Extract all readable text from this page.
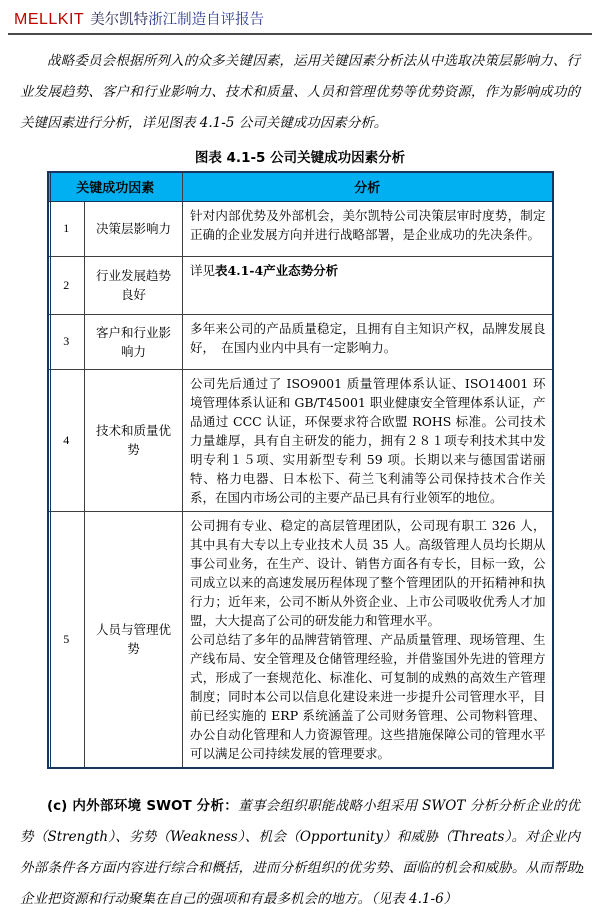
MELLKIT 美尔凯特浙江制造自评报告

战略委员会根据所列入的众多关键因素，运用关键因素分析法从中选取决策层影响力、行业发展趋势、客户和行业影响力、技术和质量、人员和管理优势等优势资源，作为影响成功的关键因素进行分析，详见图表 4.1-5 公司关键成功因素分析。

图表 4.1-5 公司关键成功因素分析
关键成功因素		分析
1	决策层影响力	针对内部优势及外部机会，美尔凯特公司决策层审时度势，制定正确的企业发展方向并进行战略部署，是企业成功的先决条件。

2	行业发展趋势良好	详见表4.1-4产业态势分析

3	客户和行业影响力	多年来公司的产品质量稳定，且拥有自主知识产权，品牌发展良好，　在国内业内中具有一定影响力。

4	技术和质量优势	公司先后通过了 ISO9001 质量管理体系认证、ISO14001 环境管理体系认证和 GB/T45001 职业健康安全管理体系认证，产品通过 CCC 认证，环保要求符合欧盟 ROHS 标准。公司技术力量雄厚，具有自主研发的能力，拥有２８１项专利技术其中发明专利１５项、实用新型专利 59 项。长期以来与德国雷诺丽特、格力电器、日本松下、荷兰飞利浦等公司保持技术合作关系，在国内市场公司的主要产品已具有行业领军的地位。

5	人员与管理优势	公司拥有专业、稳定的高层管理团队，公司现有职工 326 人，其中具有大专以上专业技术人员 35 人。高级管理人员均长期从事公司业务，在生产、设计、销售方面各有专长，目标一致，公司成立以来的高速发展历程体现了整个管理团队的开拓精神和执行力；近年来，公司不断从外资企业、上市公司吸收优秀人才加盟，大大提高了公司的研发能力和管理水平。
公司总结了多年的品牌营销管理、产品质量管理、现场管理、生产线布局、安全管理及仓储管理经验，并借鉴国外先进的管理方式，形成了一套规范化、标准化、可复制的成熟的高效生产管理制度；同时本公司以信息化建设来进一步提升公司管理水平，目前已经实施的 ERP 系统涵盖了公司财务管理、公司物料管理、办公自动化管理和人力资源管理。这些措施保障公司的管理水平可以满足公司持续发展的管理要求。

(c) 内外部环境 SWOT 分析：董事会组织职能战略小组采用 SWOT 分析分析企业的优势（Strength）、劣势（Weakness）、机会（Opportunity）和威胁（Threats）。对企业内外部条件各方面内容进行综合和概括，进而分析组织的优劣势、面临的机会和威胁。从而帮助企业把资源和行动聚集在自己的强项和有最多机会的地方。（见表 4.1-6）

2
